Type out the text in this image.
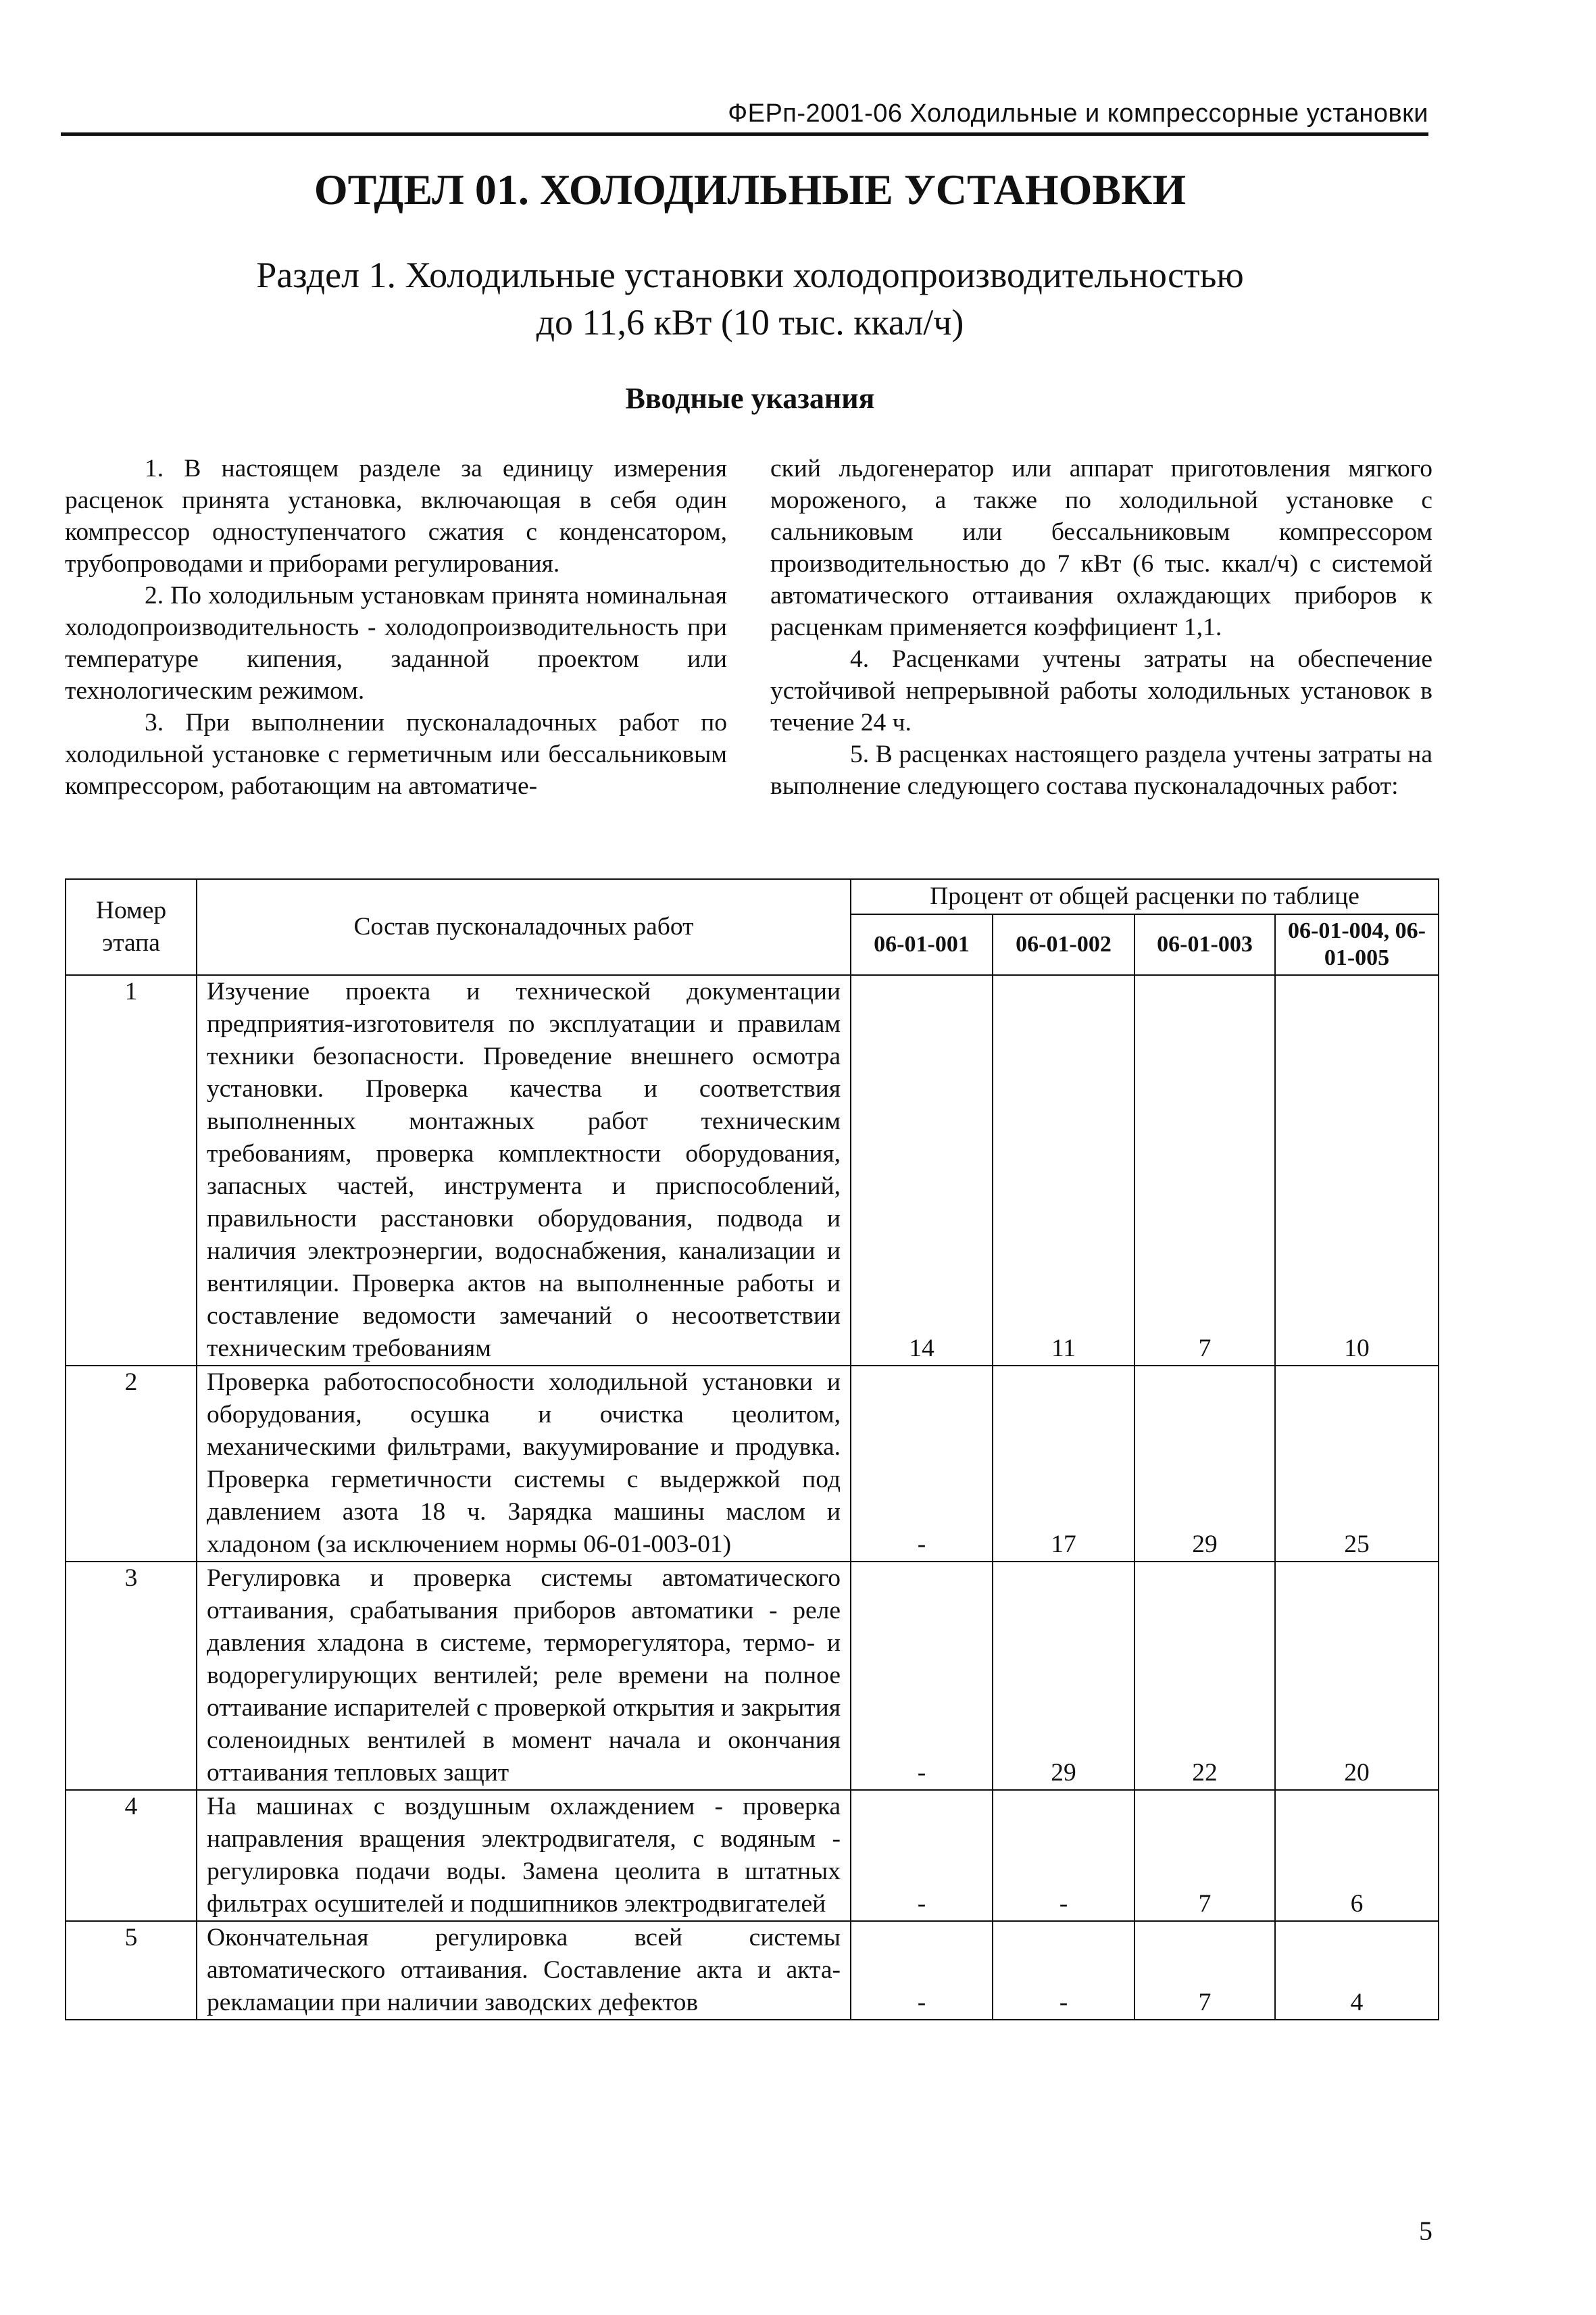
ФЕРп-2001-06 Холодильные и компрессорные установки
ОТДЕЛ 01. ХОЛОДИЛЬНЫЕ УСТАНОВКИ
Раздел 1. Холодильные установки холодопроизводительностью
до 11,6 кВт (10 тыс. ккал/ч)
Вводные указания

1. В настоящем разделе за единицу измерения расценок принята установка, включающая в себя один компрессор одноступенчатого сжатия с конденсатором, трубопроводами и приборами регулирования.

2. По холодильным установкам принята номинальная холодопроизводительность - холодопроизводительность при температуре кипения, заданной проектом или технологическим режимом.

3. При выполнении пусконаладочных работ по холодильной установке с герметичным или бессальниковым компрессором, работающим на автоматиче-

ский льдогенератор или аппарат приготовления мягкого мороженого, а также по холодильной установке с сальниковым или бессальниковым компрессором производительностью до 7 кВт (6 тыс. ккал/ч) с системой автоматического оттаивания охлаждающих приборов к расценкам применяется коэффициент 1,1.

4. Расценками учтены затраты на обеспечение устойчивой непрерывной работы холодильных установок в течение 24 ч.

5. В расценках настоящего раздела учтены затраты на выполнение следующего состава пусконаладочных работ:

Номер этапа	Состав пусконаладочных работ	Процент от общей расценки по таблице			
		06-01-001	06-01-002	06-01-003	06-01-004, 06-01-005
1	Изучение проекта и технической документации предприятия-изготовителя по эксплуатации и правилам техники безопасности. Проведение внешнего осмотра установки. Проверка качества и соответствия выполненных монтажных работ техническим требованиям, проверка комплектности оборудования, запасных частей, инструмента и приспособлений, правильности расстановки оборудования, подвода и наличия электроэнергии, водоснабжения, канализации и вентиляции. Проверка актов на выполненные работы и составление ведомости замечаний о несоответствии техническим требованиям	14	11	7	10
2	Проверка работоспособности холодильной установки и оборудования, осушка и очистка цеолитом, механическими фильтрами, вакуумирование и продувка. Проверка герметичности системы с выдержкой под давлением азота 18 ч. Зарядка машины маслом и хладоном (за исключением нормы 06-01-003-01)	-	17	29	25
3	Регулировка и проверка системы автоматического оттаивания, срабатывания приборов автоматики - реле давления хладона в системе, терморегулятора, термо- и водорегулирующих вентилей; реле времени на полное оттаивание испарителей с проверкой открытия и закрытия соленоидных вентилей в момент начала и окончания оттаивания тепловых защит	-	29	22	20
4	На машинах с воздушным охлаждением - проверка направления вращения электродвигателя, с водяным - регулировка подачи воды. Замена цеолита в штатных фильтрах осушителей и подшипников электродвигателей	-	-	7	6
5	Окончательная регулировка всей системы автоматического оттаивания. Составление акта и акта-рекламации при наличии заводских дефектов	-	-	7	4
5
